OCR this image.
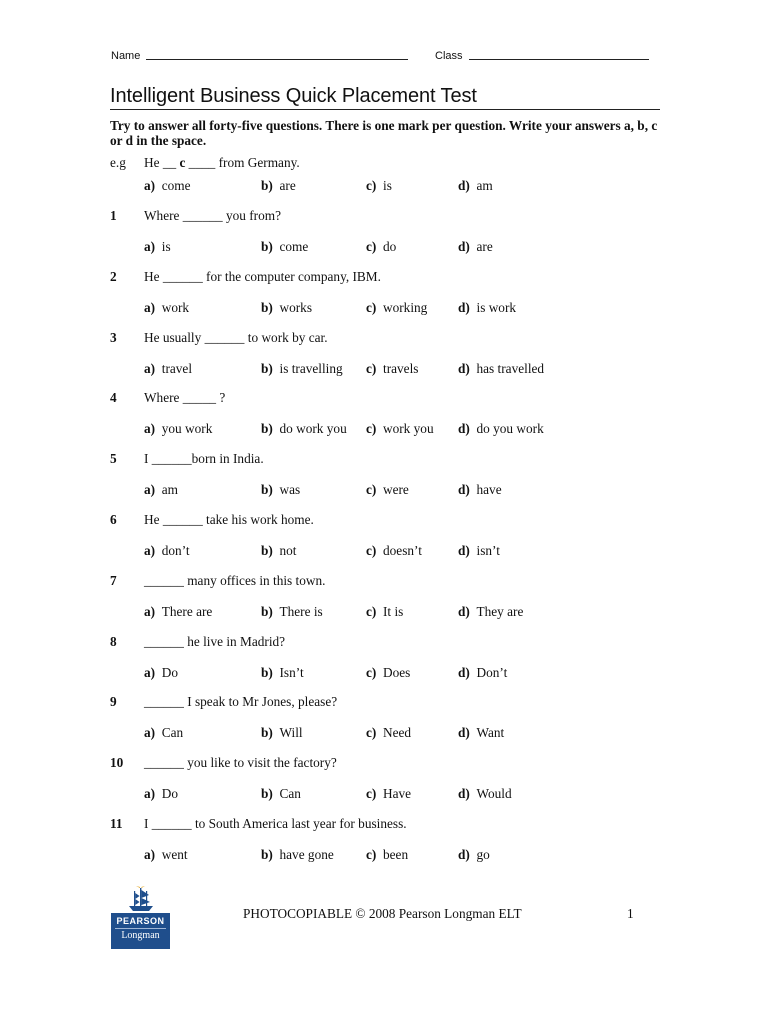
Name	Class
Intelligent Business Quick Placement Test
Try to answer all forty-five questions. There is one mark per question. Write your answers a, b, c or d in the space.
e.g He __ c ____ from Germany.
a ) come	b ) are	c ) is	d ) am
1 Where ______ you from?
a ) is	b ) come	c ) do	d ) are
2 He ______ for the computer company, IBM.
a ) work	b ) works	c ) working d ) is work
3 He usually ______ to work by car.
a ) travel	b ) is travelling c ) travels	d ) has travelled
4 Where _____ ?
a ) you work	b ) do work you c ) work you d ) do you work
5 I ______born in India.
a ) am	b ) was	c ) were	d ) have
6 He ______ take his work home.
a ) don’t	b ) not	c ) doesn’t	d ) isn’t
7 ______ many offices in this town.
a ) There are	b ) There is	c ) It is	d ) They are
8 ______ he live in Madrid?
a ) Do	b ) Isn’t	c ) Does	d ) Don’t
9 ______ I speak to Mr Jones, please?
a ) Can	b ) Will	c ) Need	d ) Want
10 ______ you like to visit the factory?
a ) Do	b ) Can	c ) Have	d ) Would
11 I ______ to South America last year for business.
a ) went	b ) have gone c ) been	d ) go
PEARSON
Longman
PHOTOCOPIABLE © 2008 Pearson Longman ELT	1
